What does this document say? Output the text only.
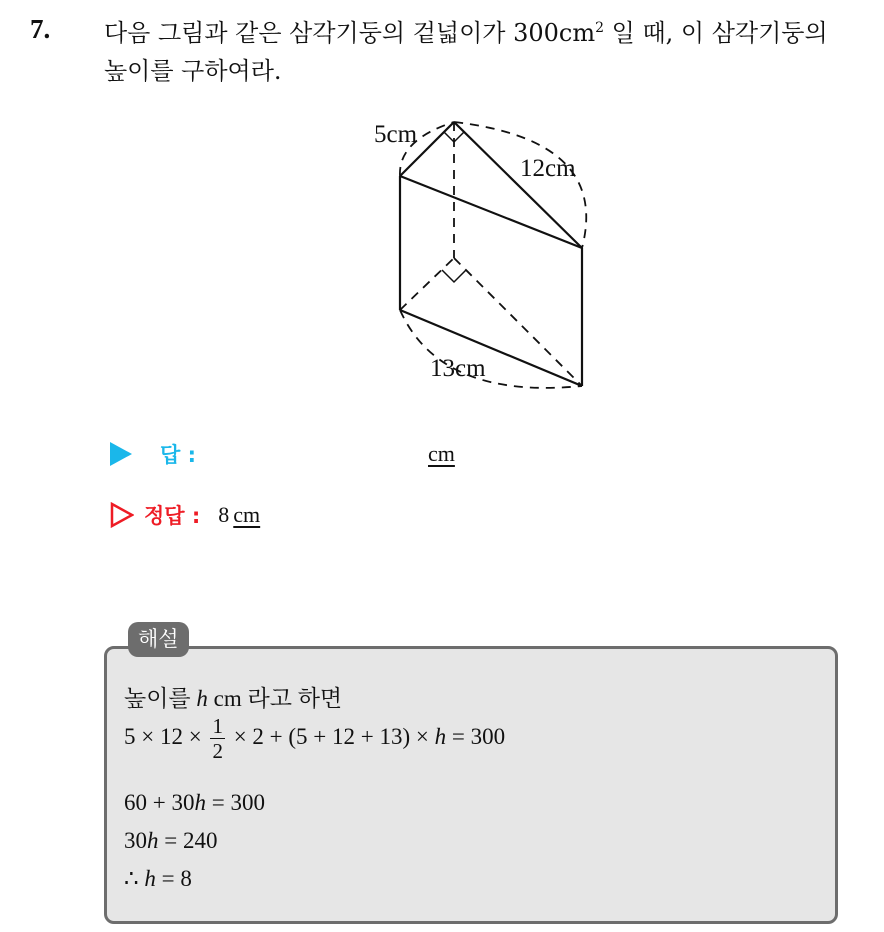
7. 다음 그림과 같은 삼각기둥의 겉넓이가 $300cm^2$ 일 때, 이 삼각기둥의
높이를 구하여라.
5cm
12cm
13cm
답 :	cm
정답 : 8 cm
해설
높이를 h cm 라고 하면
$5 \times 12 \times \frac{1}{2} \times 2 + (5 + 12 + 13) \times h = 300$
60 + 30h = 300
30h = 240
∴ h = 8
